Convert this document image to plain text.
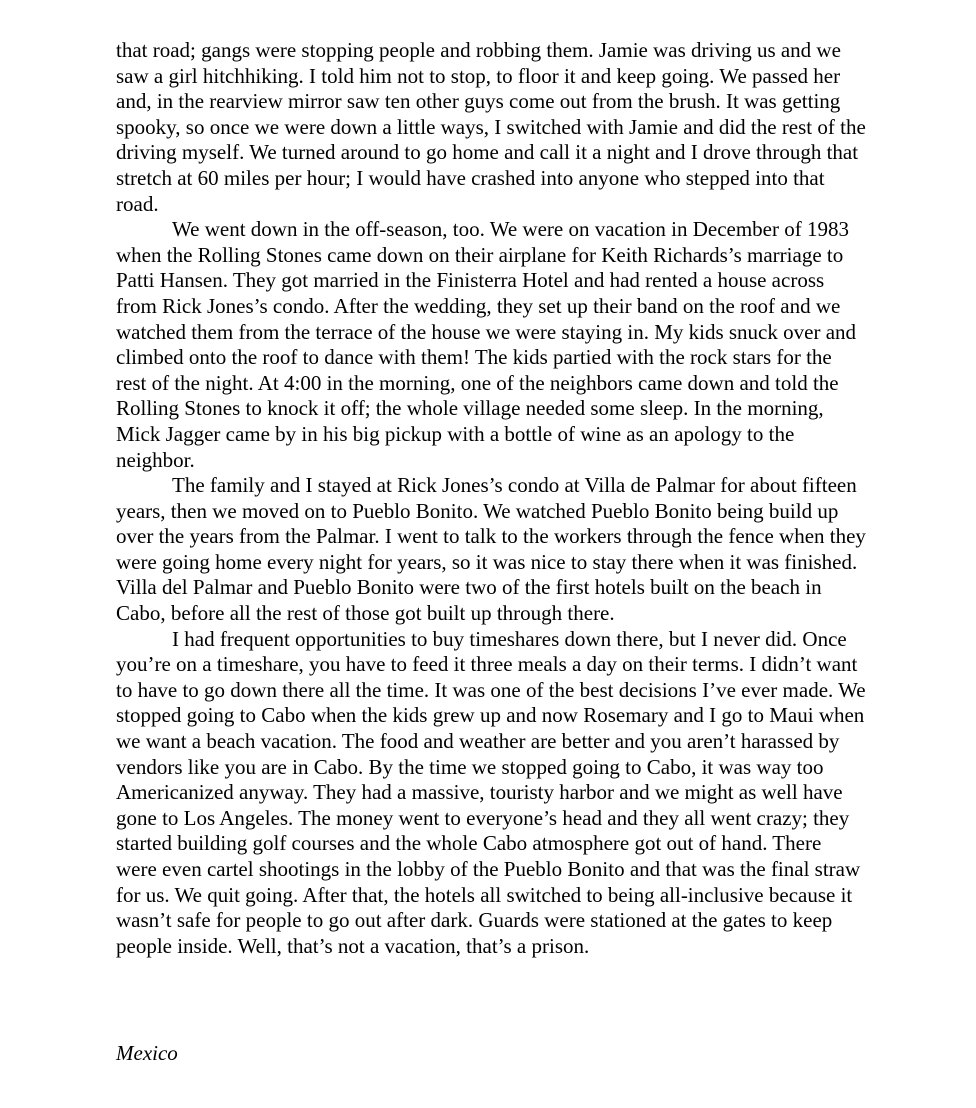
that road; gangs were stopping people and robbing them. Jamie was driving us and we saw a girl hitchhiking. I told him not to stop, to floor it and keep going. We passed her and, in the rearview mirror saw ten other guys come out from the brush. It was getting spooky, so once we were down a little ways, I switched with Jamie and did the rest of the driving myself. We turned around to go home and call it a night and I drove through that stretch at 60 miles per hour; I would have crashed into anyone who stepped into that road.

We went down in the off-season, too. We were on vacation in December of 1983 when the Rolling Stones came down on their airplane for Keith Richards’s marriage to Patti Hansen. They got married in the Finisterra Hotel and had rented a house across from Rick Jones’s condo. After the wedding, they set up their band on the roof and we watched them from the terrace of the house we were staying in. My kids snuck over and climbed onto the roof to dance with them! The kids partied with the rock stars for the rest of the night. At 4:00 in the morning, one of the neighbors came down and told the Rolling Stones to knock it off; the whole village needed some sleep. In the morning, Mick Jagger came by in his big pickup with a bottle of wine as an apology to the neighbor.

The family and I stayed at Rick Jones’s condo at Villa de Palmar for about fifteen years, then we moved on to Pueblo Bonito. We watched Pueblo Bonito being build up over the years from the Palmar. I went to talk to the workers through the fence when they were going home every night for years, so it was nice to stay there when it was finished. Villa del Palmar and Pueblo Bonito were two of the first hotels built on the beach in Cabo, before all the rest of those got built up through there.

I had frequent opportunities to buy timeshares down there, but I never did. Once you’re on a timeshare, you have to feed it three meals a day on their terms. I didn’t want to have to go down there all the time. It was one of the best decisions I’ve ever made. We stopped going to Cabo when the kids grew up and now Rosemary and I go to Maui when we want a beach vacation. The food and weather are better and you aren’t harassed by vendors like you are in Cabo. By the time we stopped going to Cabo, it was way too Americanized anyway. They had a massive, touristy harbor and we might as well have gone to Los Angeles. The money went to everyone’s head and they all went crazy; they started building golf courses and the whole Cabo atmosphere got out of hand. There were even cartel shootings in the lobby of the Pueblo Bonito and that was the final straw for us. We quit going. After that, the hotels all switched to being all-inclusive because it wasn’t safe for people to go out after dark. Guards were stationed at the gates to keep people inside. Well, that’s not a vacation, that’s a prison.

Mexico
